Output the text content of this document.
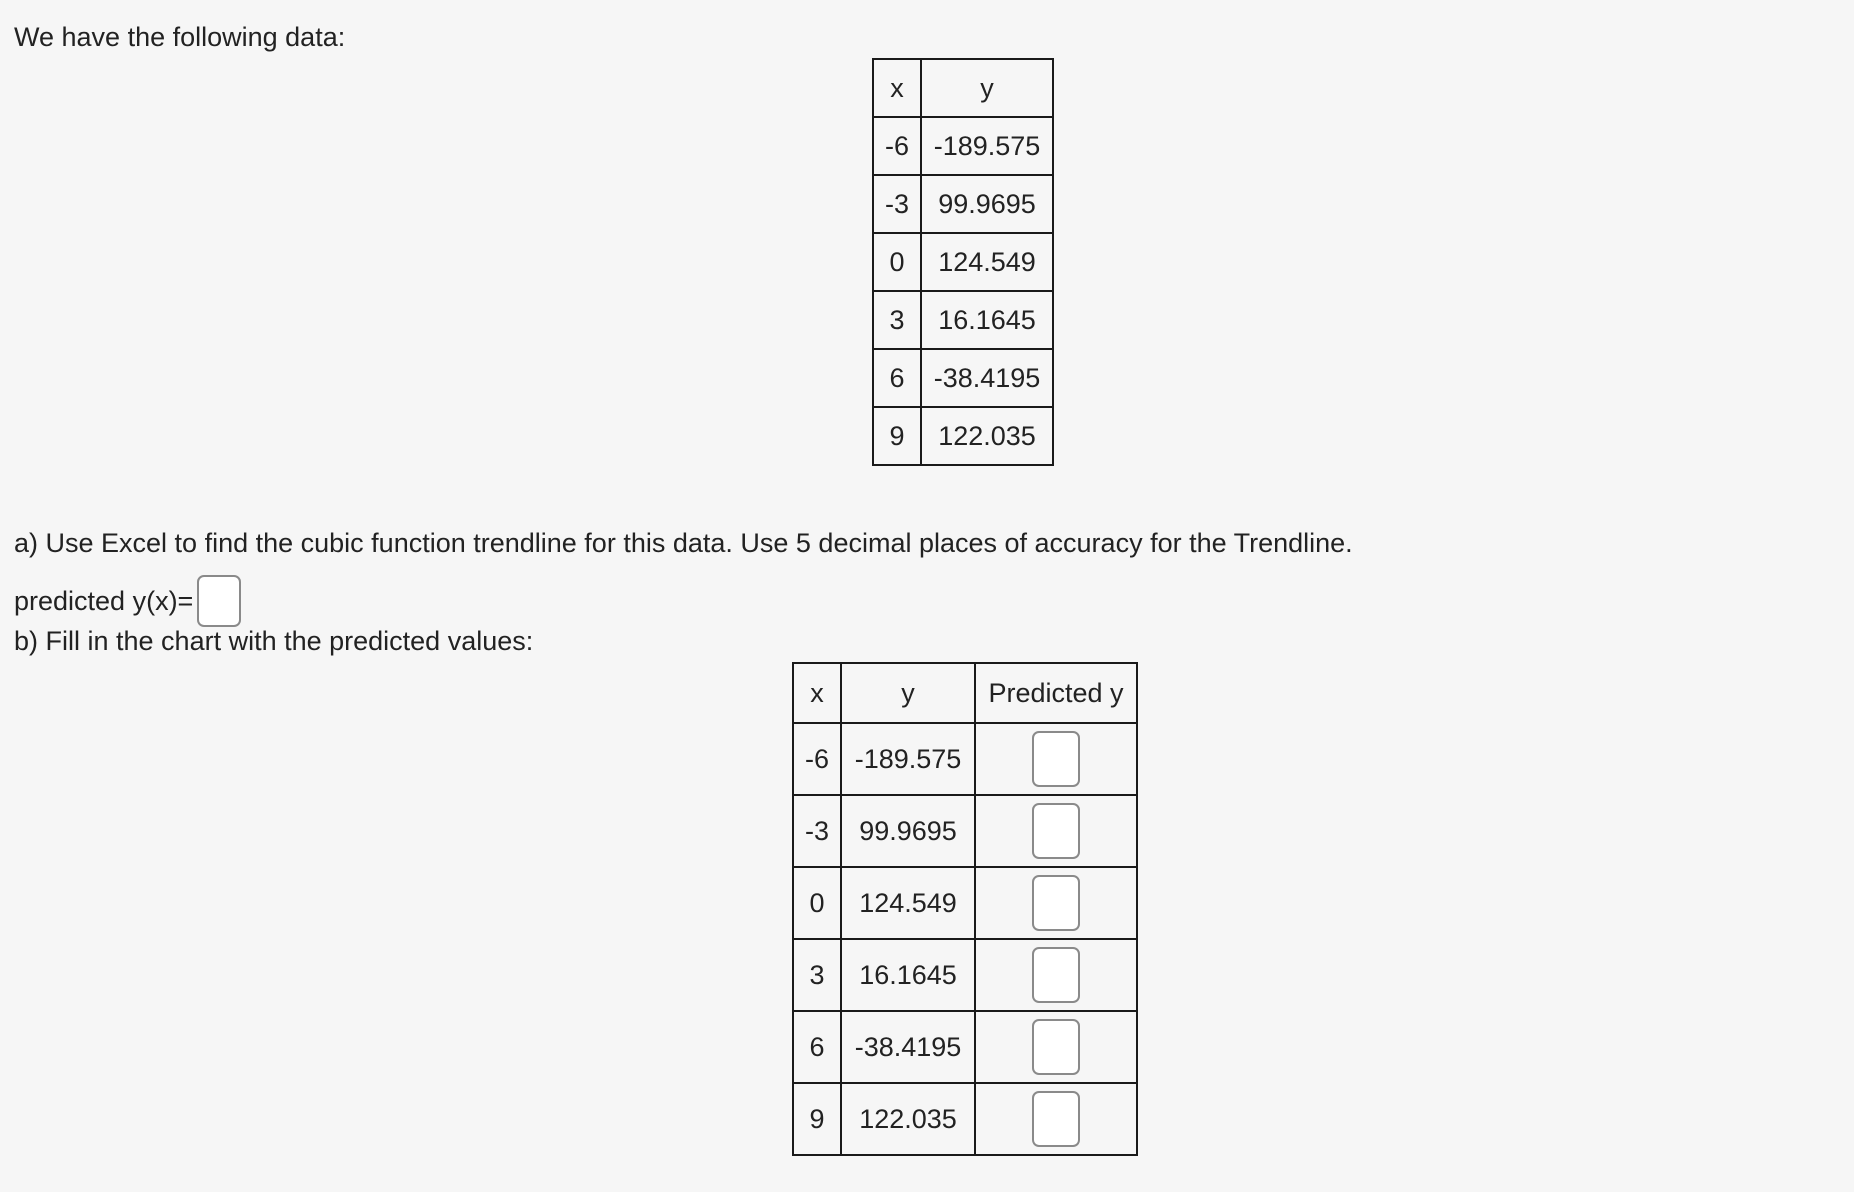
We have the following data:
x	y
-6	-189.575
-3	99.9695
0	124.549
3	16.1645
6	-38.4195
9	122.035
a) Use Excel to find the cubic function trendline for this data. Use 5 decimal places of accuracy for the Trendline.
predicted y(x)=
b) Fill in the chart with the predicted values:
x	y	Predicted y
-6	-189.575	
-3	99.9695	
0	124.549	
3	16.1645	
6	-38.4195	
9	122.035	
